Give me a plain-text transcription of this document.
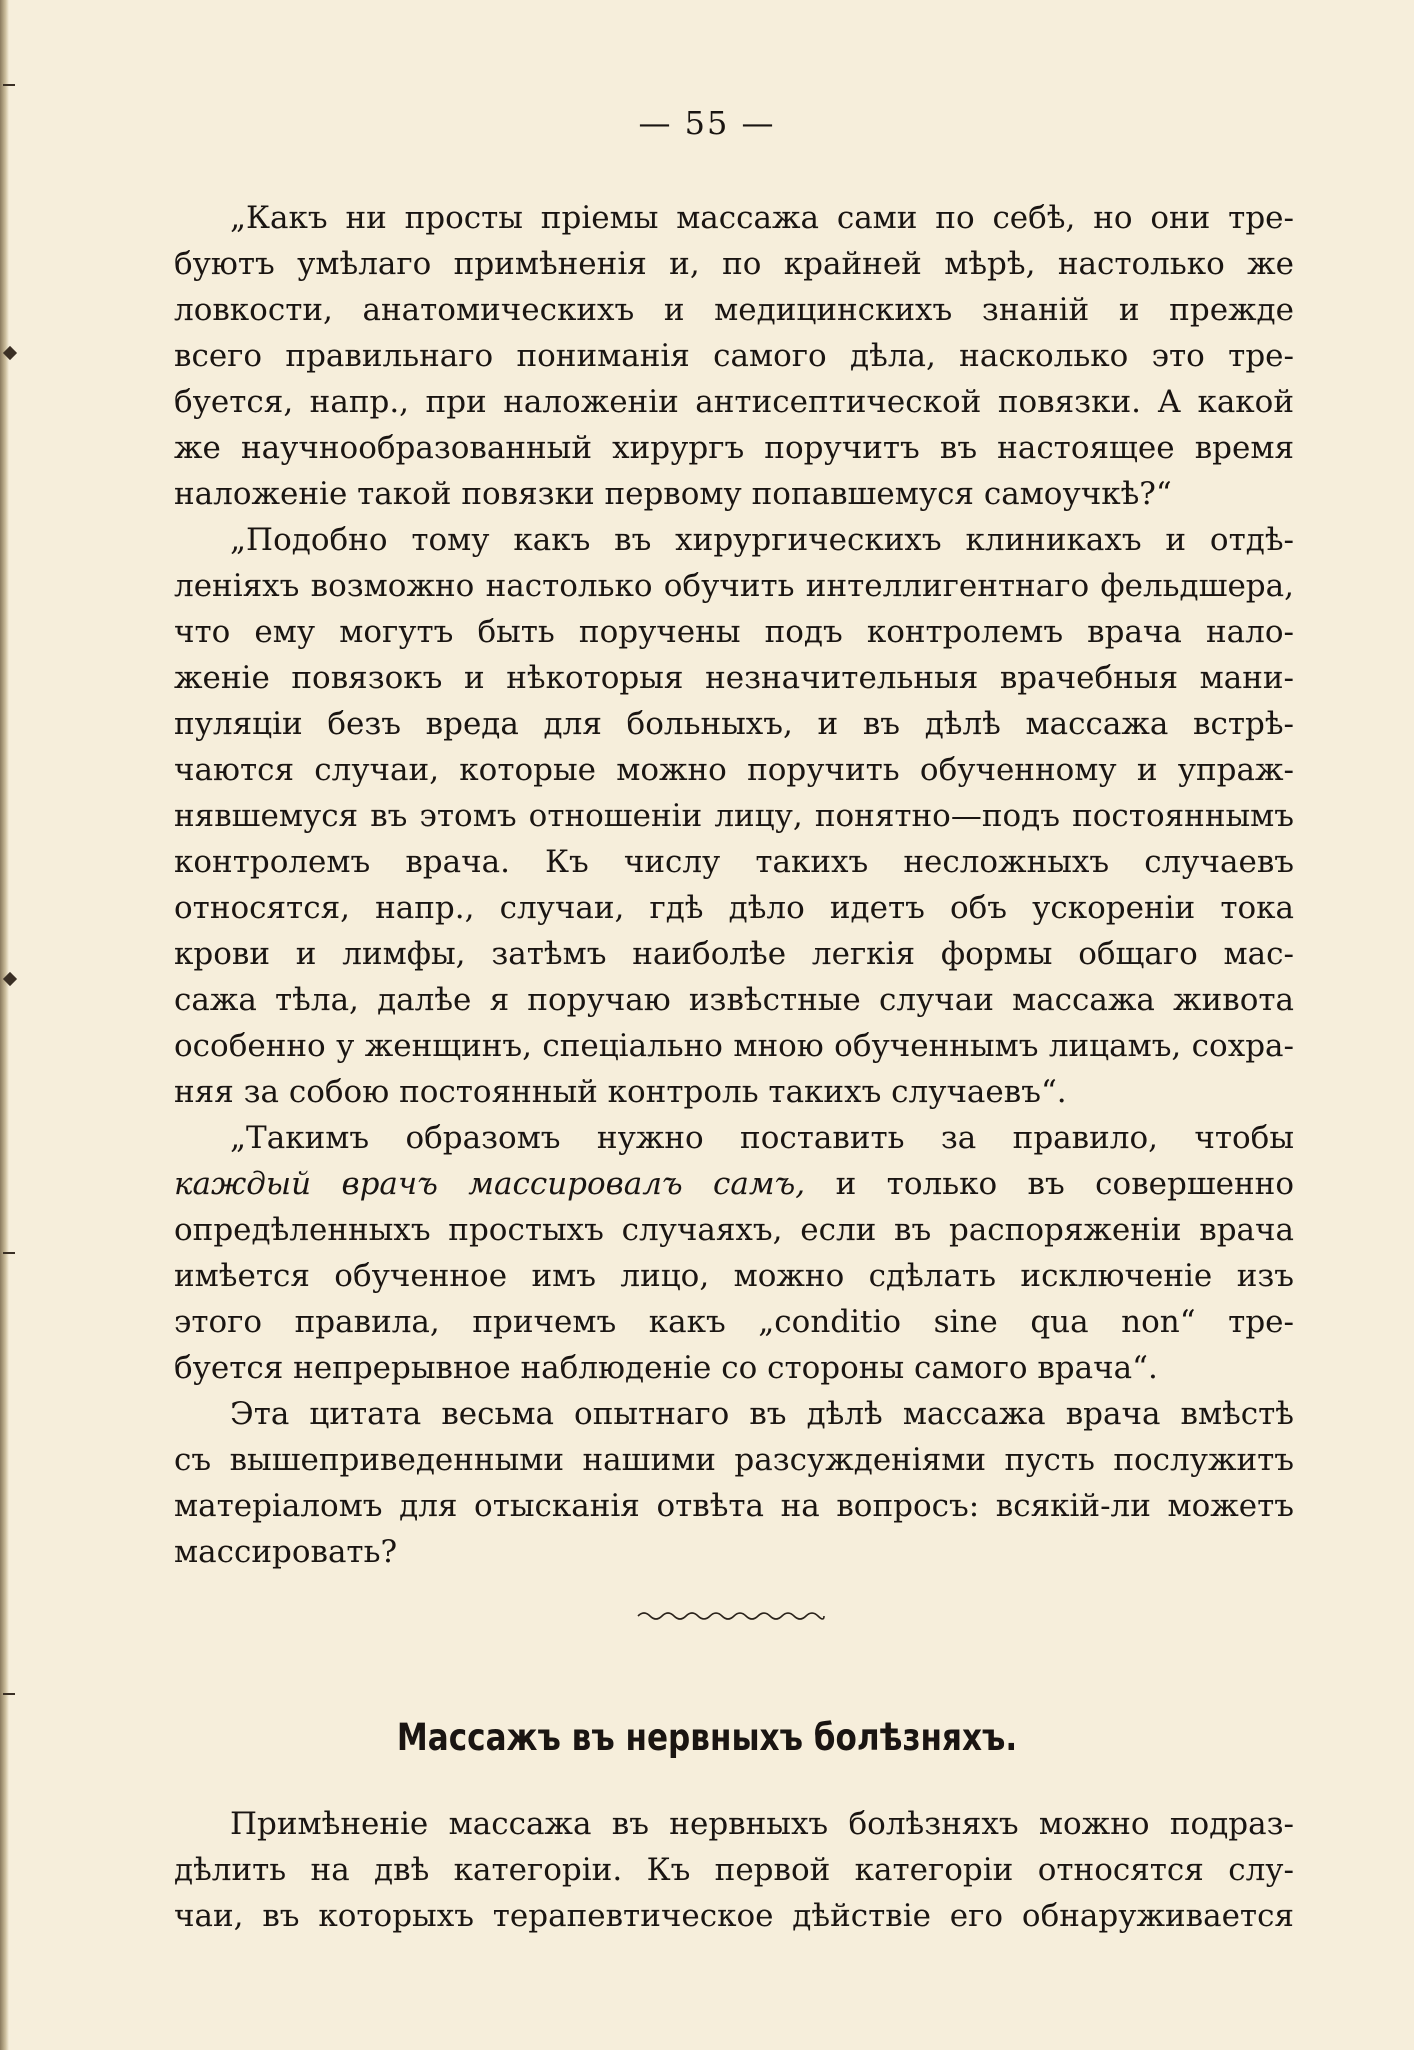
— 55 —
„Какъ ни просты пріемы массажа сами по себѣ, но они тре-
буютъ умѣлаго примѣненія и, по крайней мѣрѣ, настолько же
ловкости, анатомическихъ и медицинскихъ знаній и прежде
всего правильнаго пониманія самого дѣла, насколько это тре-
буется, напр., при наложеніи антисептической повязки. А какой
же научнообразованный хирургъ поручитъ въ настоящее время
наложеніе такой повязки первому попавшемуся самоучкѣ?“
„Подобно тому какъ въ хирургическихъ клиникахъ и отдѣ-
леніяхъ возможно настолько обучить интеллигентнаго фельдшера,
что ему могутъ быть поручены подъ контролемъ врача нало-
женіе повязокъ и нѣкоторыя незначительныя врачебныя мани-
пуляціи безъ вреда для больныхъ, и въ дѣлѣ массажа встрѣ-
чаются случаи, которые можно поручить обученному и упраж-
нявшемуся въ этомъ отношеніи лицу, понятно—подъ постояннымъ
контролемъ врача. Къ числу такихъ несложныхъ случаевъ
относятся, напр., случаи, гдѣ дѣло идетъ объ ускореніи тока
крови и лимфы, затѣмъ наиболѣе легкія формы общаго мас-
сажа тѣла, далѣе я поручаю извѣстные случаи массажа живота
особенно у женщинъ, спеціально мною обученнымъ лицамъ, сохра-
няя за собою постоянный контроль такихъ случаевъ“.
„Такимъ образомъ нужно поставить за правило, чтобы
каждый врачъ массировалъ самъ, и только въ совершенно
опредѣленныхъ простыхъ случаяхъ, если въ распоряженіи врача
имѣется обученное имъ лицо, можно сдѣлать исключеніе изъ
этого правила, причемъ какъ „conditio sine qua non“ тре-
буется непрерывное наблюденіе со стороны самого врача“.
Эта цитата весьма опытнаго въ дѣлѣ массажа врача вмѣстѣ
съ вышеприведенными нашими разсужденіями пусть послужитъ
матеріаломъ для отысканія отвѣта на вопросъ: всякій-ли можетъ
массировать?
Массажъ въ нервныхъ болѣзняхъ.
Примѣненіе массажа въ нервныхъ болѣзняхъ можно подраз-
дѣлить на двѣ категоріи. Къ первой категоріи относятся слу-
чаи, въ которыхъ терапевтическое дѣйствіе его обнаруживается
